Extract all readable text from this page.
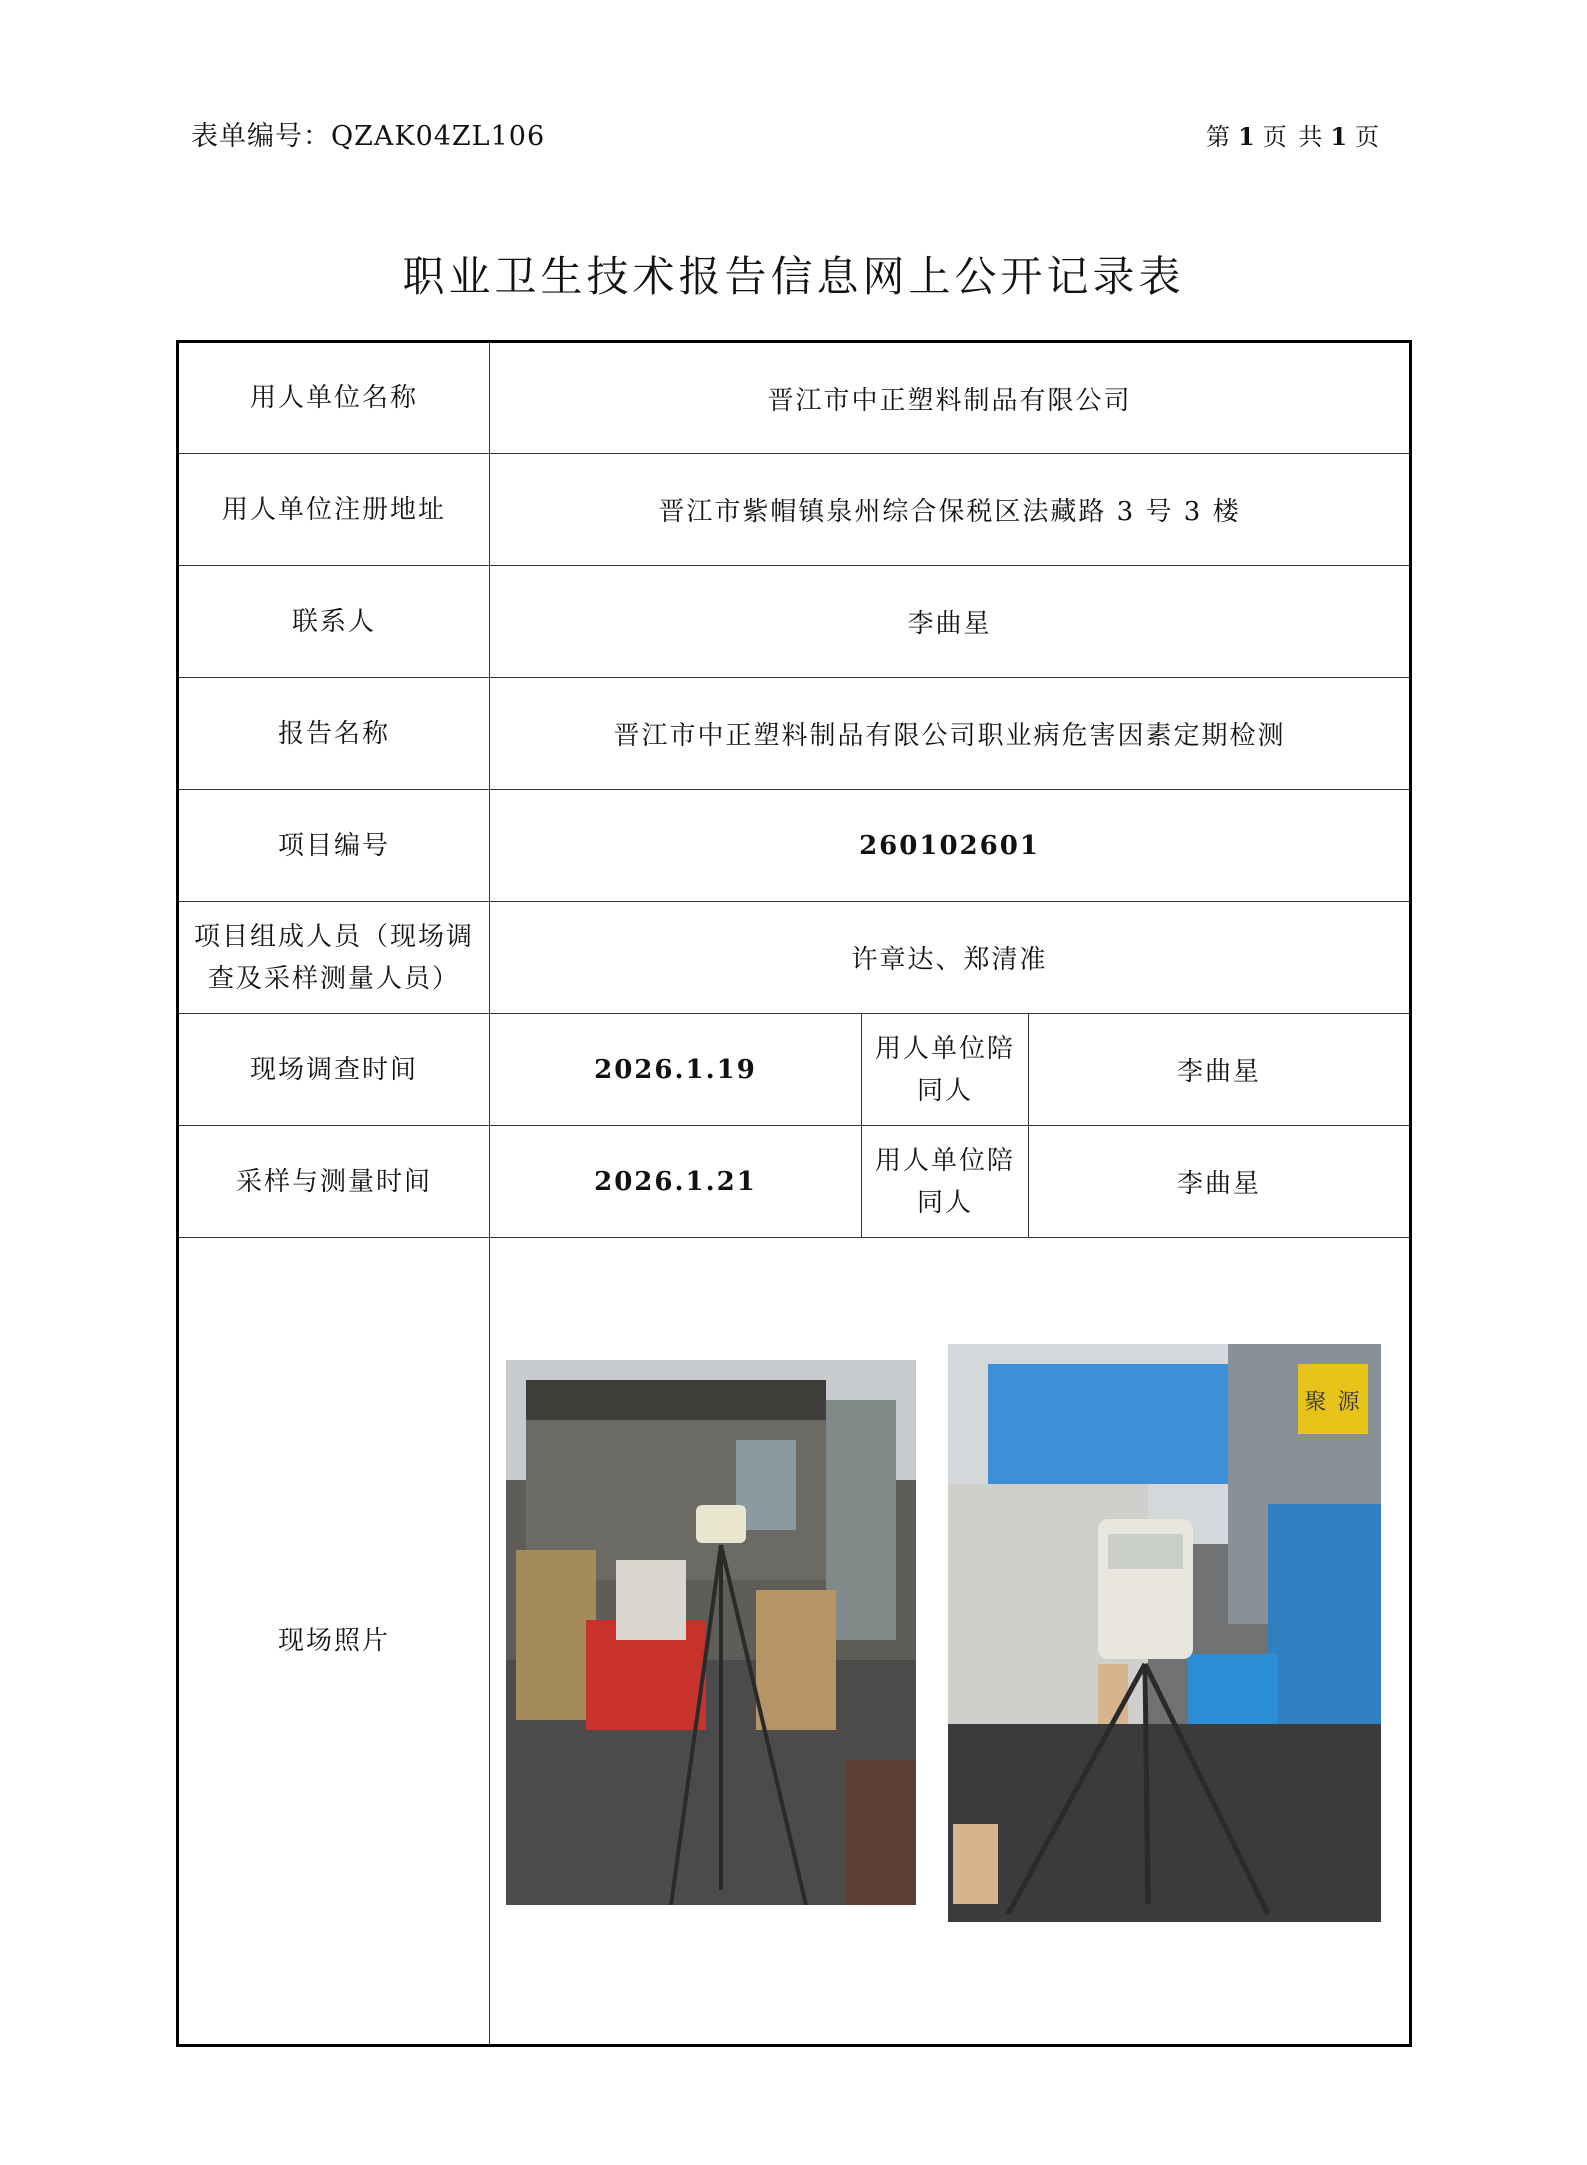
表单编号：QZAK04ZL106	第 1 页 共 1 页
职业卫生技术报告信息网上公开记录表
用人单位名称	晋江市中正塑料制品有限公司		
用人单位注册地址	晋江市紫帽镇泉州综合保税区法藏路 3 号 3 楼		
联系人	李曲星		
报告名称	晋江市中正塑料制品有限公司职业病危害因素定期检测		
项目编号	260102601		
项目组成人员（现场调查及采样测量人员）	许章达、郑清准		
现场调查时间	2026.1.19	用人单位陪同人	李曲星
采样与测量时间	2026.1.21	用人单位陪同人	李曲星
现场照片	聚 源		
